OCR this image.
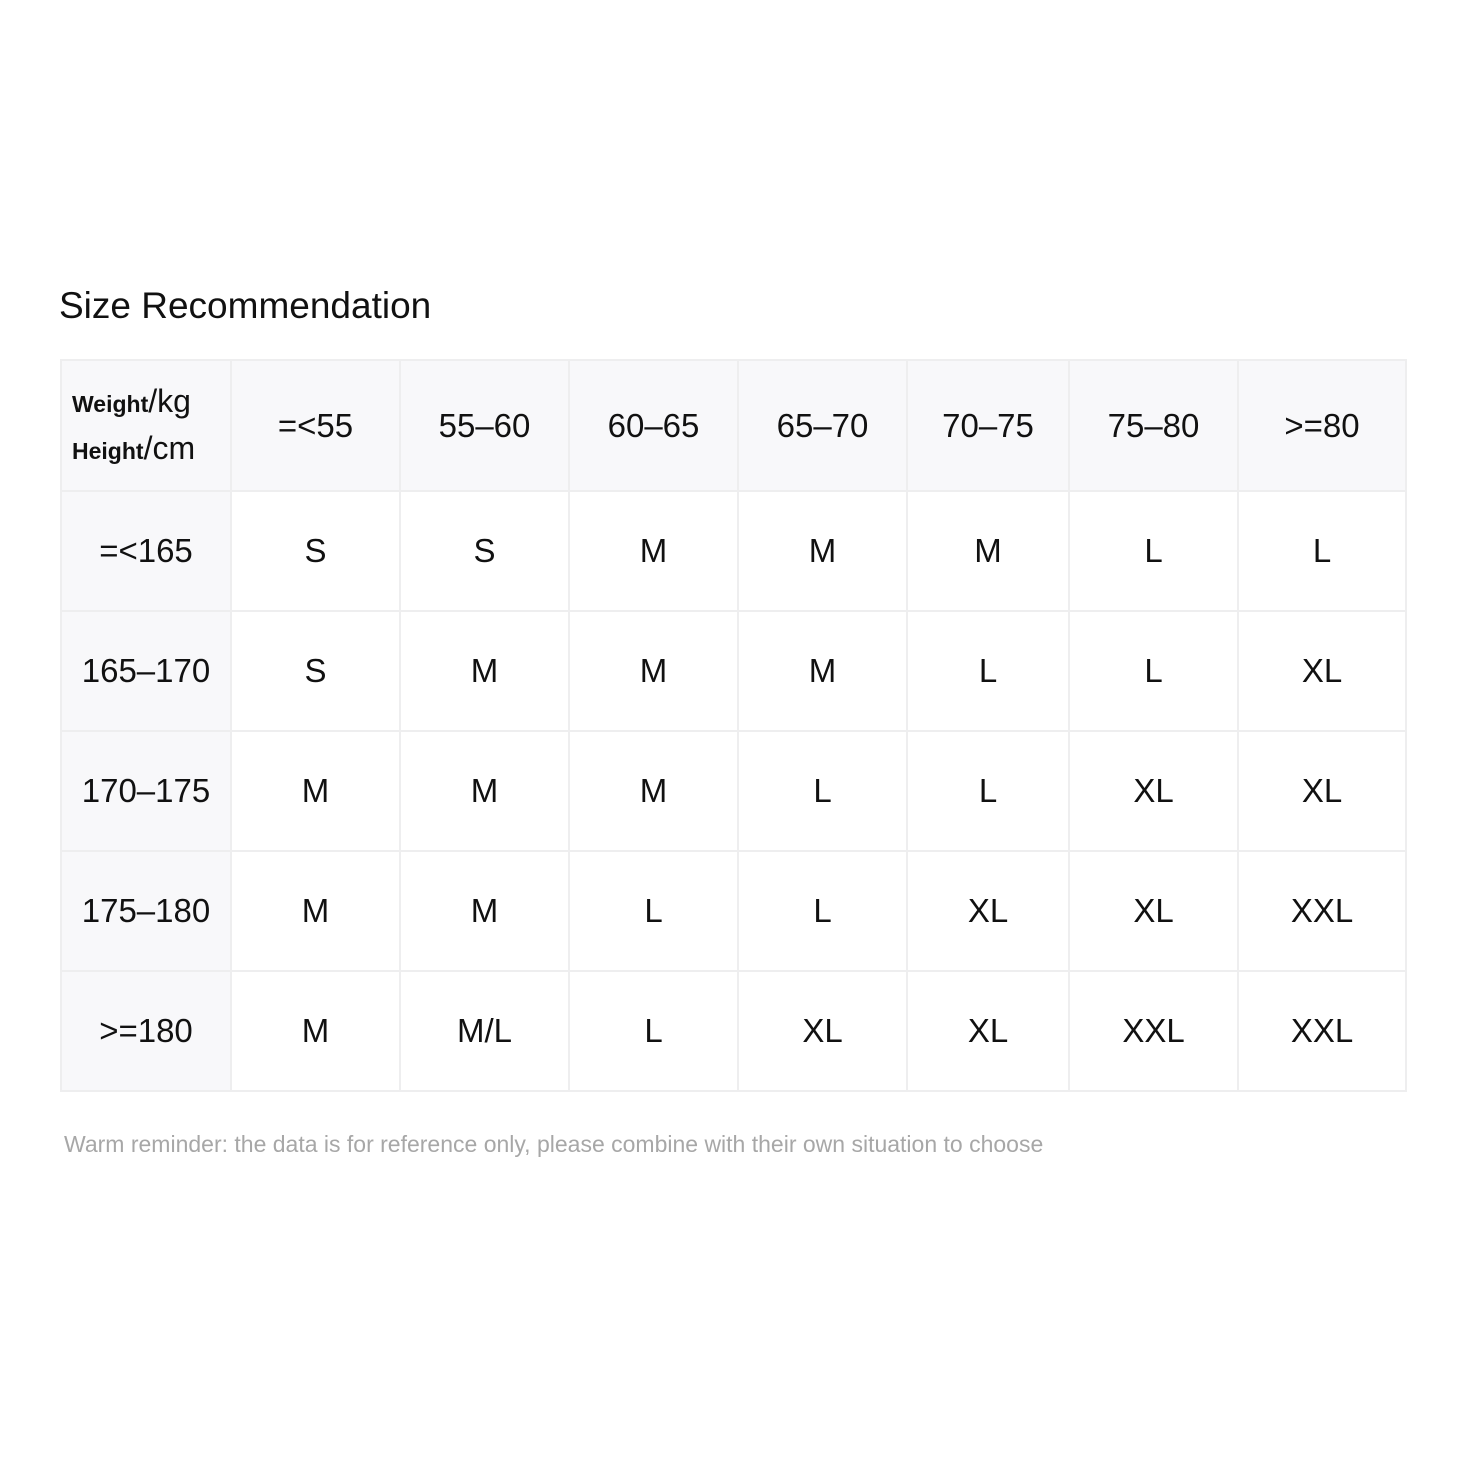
Size Recommendation
Weight/kg
Height/cm	=<55	55–60	60–65	65–70	70–75	75–80	>=80
=<165	S	S	M	M	M	L	L
165–170	S	M	M	M	L	L	XL
170–175	M	M	M	L	L	XL	XL
175–180	M	M	L	L	XL	XL	XXL
>=180	M	M/L	L	XL	XL	XXL	XXL
Warm reminder: the data is for reference only, please combine with their own situation to choose
